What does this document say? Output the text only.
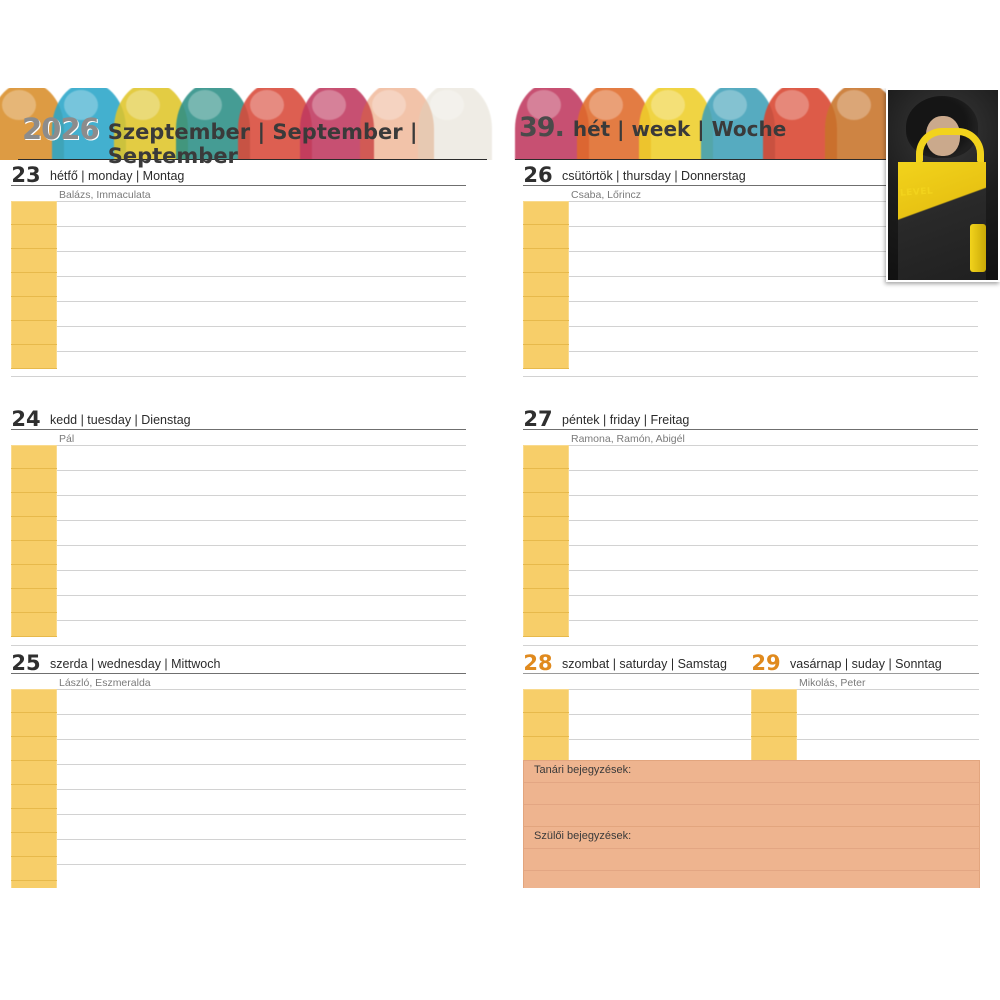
2026 Szeptember | September | September
23 hétfő | monday | Montag
Balázs, Immaculata
24 kedd | tuesday | Dienstag
Pál
25 szerda | wednesday | Mittwoch
László, Eszmeralda
LEVEL
39. hét | week | Woche
26 csütörtök | thursday | Donnerstag
Csaba, Lőrincz
27 péntek | friday | Freitag
Ramona, Ramón, Abigél
28 szombat | saturday | Samstag 29 vasárnap | suday | Sonntag
Mikolás, Peter
Tanári bejegyzések:
Szülői bejegyzések:
